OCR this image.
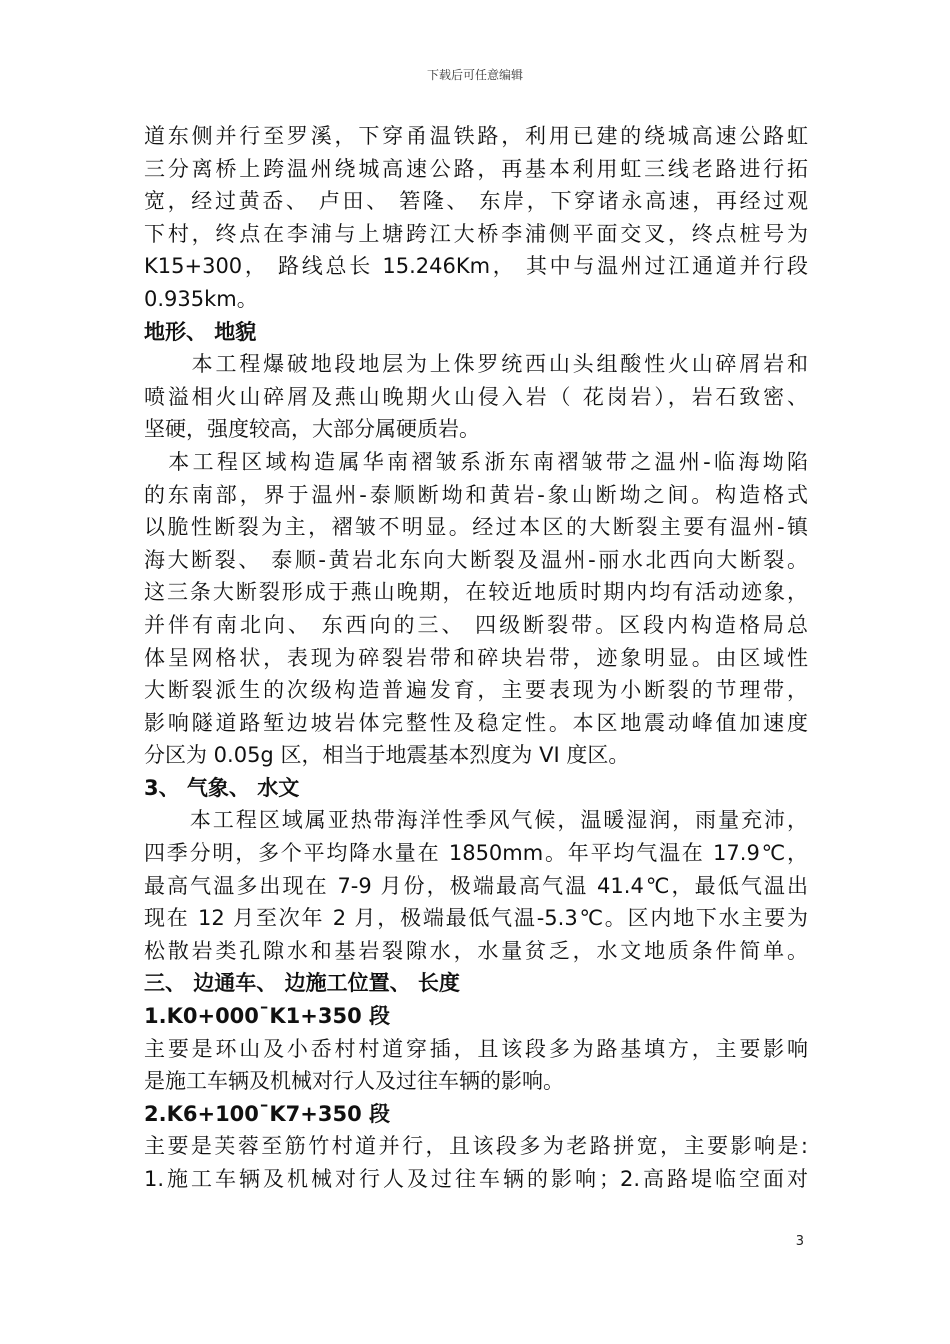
下载后可任意编辑
道东侧并行至罗溪，下穿甬温铁路，利用已建的绕城高速公路虹
三分离桥上跨温州绕城高速公路，再基本利用虹三线老路进行拓
宽，经过黄岙、 卢田、 箬隆、 东岸，下穿诸永高速，再经过观
下村，终点在李浦与上塘跨江大桥李浦侧平面交叉，终点桩号为
K15+300， 路线总长 15.246Km， 其中与温州过江通道并行段
0.935km。
地形、 地貌
　　本工程爆破地段地层为上侏罗统西山头组酸性火山碎屑岩和
喷溢相火山碎屑及燕山晚期火山侵入岩（ 花岗岩），岩石致密、
坚硬，强度较高，大部分属硬质岩。
　本工程区域构造属华南褶皱系浙东南褶皱带之温州-临海坳陷
的东南部，界于温州-泰顺断坳和黄岩-象山断坳之间。构造格式
以脆性断裂为主，褶皱不明显。经过本区的大断裂主要有温州-镇
海大断裂、 泰顺-黄岩北东向大断裂及温州-丽水北西向大断裂。
这三条大断裂形成于燕山晚期，在较近地质时期内均有活动迹象，
并伴有南北向、 东西向的三、 四级断裂带。区段内构造格局总
体呈网格状，表现为碎裂岩带和碎块岩带，迹象明显。由区域性
大断裂派生的次级构造普遍发育，主要表现为小断裂的节理带，
影响隧道路堑边坡岩体完整性及稳定性。本区地震动峰值加速度
分区为 0.05g 区，相当于地震基本烈度为 VI 度区。
3、 气象、 水文
　　本工程区域属亚热带海洋性季风气候，温暖湿润，雨量充沛，
四季分明，多个平均降水量在 1850mm。年平均气温在 17.9℃，
最高气温多出现在 7-9 月份，极端最高气温 41.4℃，最低气温出
现在 12 月至次年 2 月，极端最低气温-5.3℃。区内地下水主要为
松散岩类孔隙水和基岩裂隙水，水量贫乏，水文地质条件简单。
三、 边通车、 边施工位置、 长度
1.K0+000¯K1+350 段
主要是环山及小岙村村道穿插，且该段多为路基填方，主要影响
是施工车辆及机械对行人及过往车辆的影响。
2.K6+100¯K7+350 段
主要是芙蓉至筋竹村道并行，且该段多为老路拼宽，主要影响是:
1.施工车辆及机械对行人及过往车辆的影响；2.高路堤临空面对
3
